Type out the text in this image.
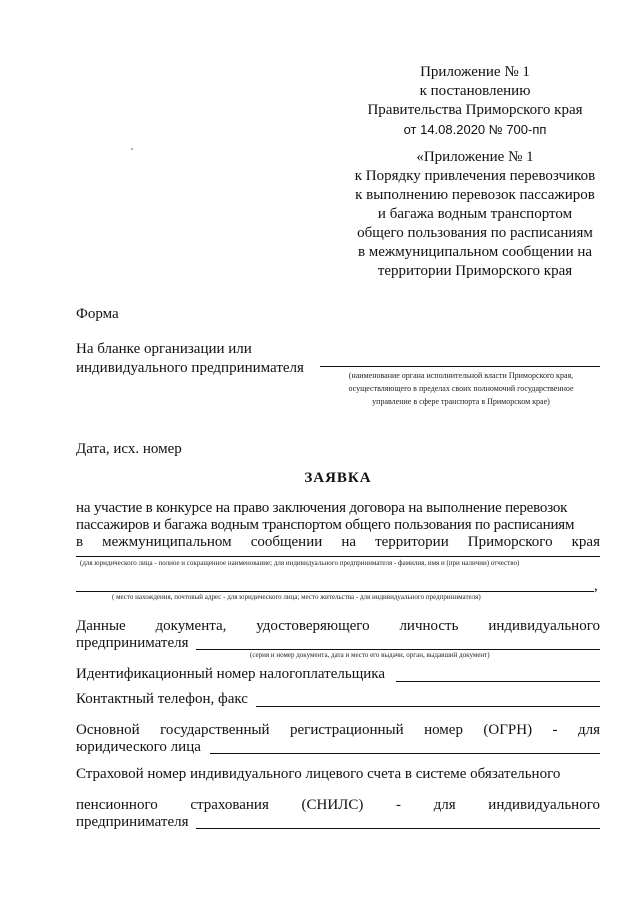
Приложение № 1
к постановлению
Правительства Приморского края
от 14.08.2020 № 700-пп
«Приложение № 1
к Порядку привлечения перевозчиков
к выполнению перевозок пассажиров
и багажа водным транспортом
общего пользования по расписаниям
в межмуниципальном сообщении на
территории Приморского края
Форма
На бланке организации или
индивидуального предпринимателя	(наименование органа исполнительной власти Приморского края,
осуществляющего в пределах своих полномочий государственное
управление в сфере транспорта в Приморском крае)
Дата, исх. номер
ЗАЯВКА
на участие в конкурсе на право заключения договора на выполнение перевозок
пассажиров и багажа водным транспортом общего пользования по расписаниям
в межмуниципальном сообщении на территории Приморского края
(для юридического лица - полное и сокращенное наименование; для индивидуального предпринимателя - фамилия, имя и (при наличии) отчество)
,
( место нахождения, почтовый адрес - для юридического лица; место жительства - для индивидуального предпринимателя)
Данные документа, удостоверяющего личность индивидуального
предпринимателя
(серия и номер документа, дата и место его выдачи, орган, выдавший документ)
Идентификационный номер налогоплательщика
Контактный телефон, факс
Основной государственный регистрационный номер (ОГРН) - для
юридического лица
Страховой номер индивидуального лицевого счета в системе обязательного
пенсионного страхования (СНИЛС) - для индивидуального
предпринимателя
